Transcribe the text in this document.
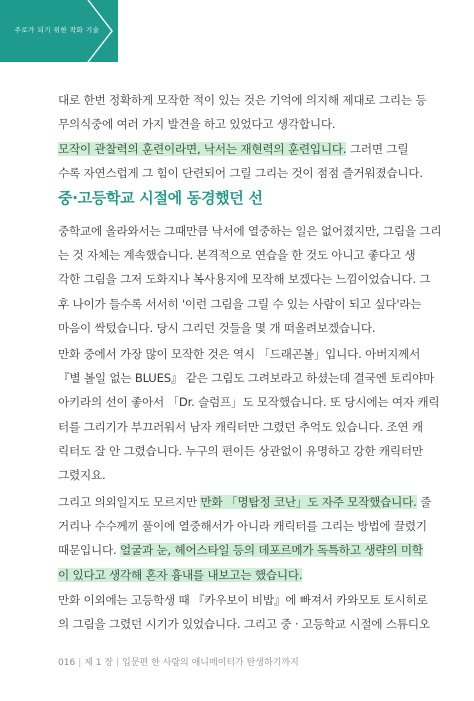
주로가 되기 위한 작화 기술
대로 한번 정확하게 모작한 적이 있는 것은 기억에 의지해 제대로 그리는 등
무의식중에 여러 가지 발견을 하고 있었다고 생각합니다.
모작이 관찰력의 훈련이라면, 낙서는 재현력의 훈련입니다. 그러면 그릴
수록 자연스럽게 그 힘이 단련되어 그릴 그리는 것이 점점 즐거워졌습니다.
중·고등학교 시절에 동경했던 선
중학교에 올라와서는 그때만큼 낙서에 열중하는 일은 없어졌지만, 그림을 그리
는 것 자체는 계속했습니다. 본격적으로 연습을 한 것도 아니고 좋다고 생
각한 그림을 그저 도화지나 복사용지에 모작해 보겠다는 느낌이었습니다. 그
후 나이가 들수록 서서히 '이런 그림을 그릴 수 있는 사람이 되고 싶다'라는
마음이 싹텄습니다. 당시 그리던 것들을 몇 개 떠올려보겠습니다.
만화 중에서 가장 많이 모작한 것은 역시 「드래곤볼」입니다. 아버지께서
『별 볼일 없는 BLUES』 같은 그림도 그려보라고 하셨는데 결국엔 토리야마
아키라의 선이 좋아서 「Dr. 슬럼프」도 모작했습니다. 또 당시에는 여자 캐릭
터를 그리기가 부끄러워서 남자 캐릭터만 그렸던 추억도 있습니다. 조연 캐
릭터도 잘 안 그렸습니다. 누구의 편이든 상관없이 유명하고 강한 캐릭터만
그렸지요.
그리고 의외일지도 모르지만 만화 「명탐정 코난」도 자주 모작했습니다. 줄
거리나 수수께끼 풀이에 열중해서가 아니라 캐릭터를 그리는 방법에 끌렸기
때문입니다. 얼굴과 눈, 헤어스타일 등의 데포르메가 독특하고 생략의 미학
이 있다고 생각해 혼자 흉내를 내보고는 했습니다.
만화 이외에는 고등학생 때 『카우보이 비밥』에 빠져서 카와모토 토시히로
의 그림을 그렸던 시기가 있었습니다. 그리고 중 · 고등학교 시절에 스튜디오
016 | 제 1 장 | 입문편 한 사람의 애니메이터가 탄생하기까지
